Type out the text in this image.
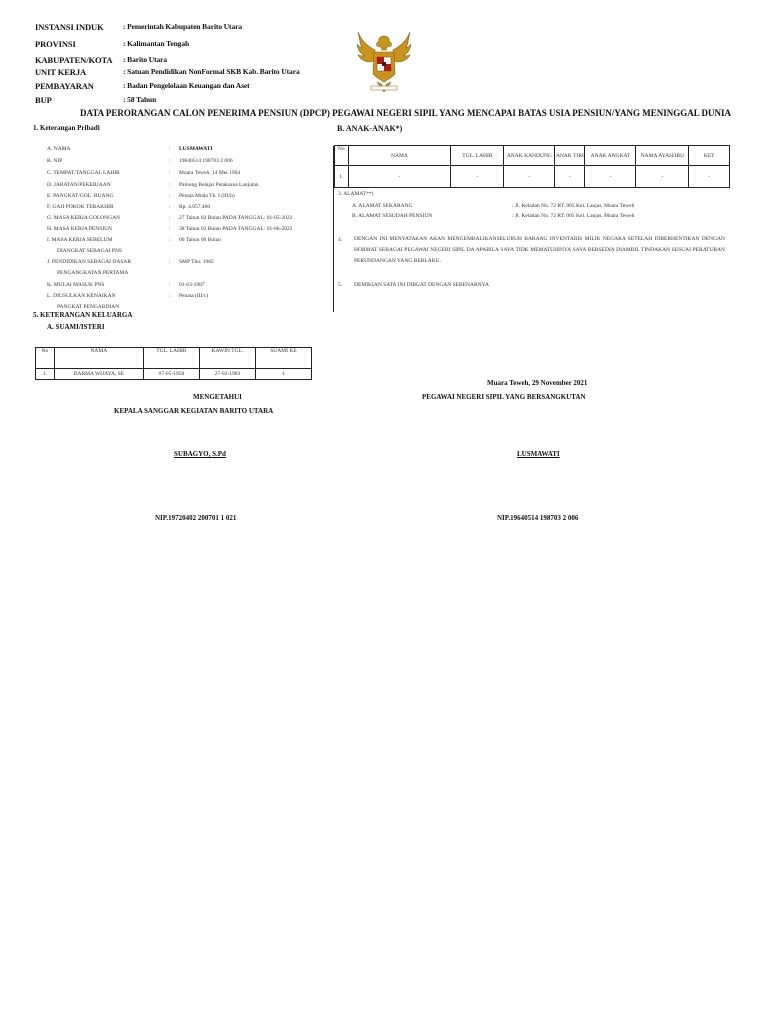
INSTANSI INDUK	: Pemerintah Kabupaten Barito Utara
PROVINSI	: Kalimantan Tengah
KABUPATEN/KOTA	: Barito Utara
UNIT KERJA	: Satuan Pendidikan NonFormal SKB Kab. Barito Utara
PEMBAYARAN	: Badan Pengelolaan Keuangan dan Aset
BUP	: 58 Tahun
DATA PERORANGAN CALON PENERIMA PENSIUN (DPCP) PEGAWAI NEGERI SIPIL YANG MENCAPAI BATAS USIA PENSIUN/YANG MENINGGAL DUNIA
1. Keterangan Pribadi	B. ANAK-ANAK*)
A. NAMA	: LUSMAWATI
B. NIP	: 19640514 198703 2 006
C. TEMPAT/TANGGAL LAHIR	: Muara Teweh, 14 Mei 1964
D. JABATAN/PEKERJAAN	: Pamong Belajar Pelaksana Lanjutan
E. PANGKAT/GOL. RUANG	: Penata Muda Tk. I (III/b)
F. GAJI POKOK TERAKHIR	: Rp. 4.057.400
G. MASA KERJA GOLONGAN	: 27 Tahun 02 Bulan PADA TANGGAL: 01-05-2022
H. MASA KERJA PENSIUN	: 38 Tahun 03 Bulan PADA TANGGAL: 01-06-2022
I. MASA KERJA SEBELUM	: 00 Tahun 00 Bulan
DIANGKAT SEBAGAI PNS
J. PENDIDIKAN SEBAGAI DASAR	: SMP Thn. 1982
PENGANGKATAN PERTAMA
K. MULAI MASUK PNS	: 01-03-1987
L. DIUSULKAN KENAIKAN	: Penata (III/c)
PANGKAT PENGABDIAN
No	NAMA	TGL. LAHIR	ANAK KANDUNG	ANAK TIRI	ANAK ANGKAT	NAMA AYAH/IBU	KET
1.	-	-	-	-	-	-	-
3. ALAMAT**)
A. ALAMAT SEKARANG	: Jl. Keladan No. 72 RT. 005 Kel. Lanjas, Muara Teweh
B. ALAMAT SESUDAH PENSIUN	: Jl. Keladan No. 72 RT. 005 Kel. Lanjas, Muara Teweh
4. DENGAN INI MENYATAKAN AKAN MENGEMBALIKANSELURUH BARANG INVENTARIS MILIK NEGARA SETELAH DIBERHENTIKAN DENGAN HORMAT SEBAGAI PEGAWAI NEGERI SIPIL DA APABILA SAYA TIDK MEMATUHINYA SAYA BERSEDIA DIAMBIL TINDAKAN SESUAI PERATURAN PERUNDANGAN YANG BERLAKU.
5. DEMIKIAN SATA INI DIBUAT DENGAN SEBENARNYA
5. KETERANGAN KELUARGA
A. SUAMI/ISTERI
No	NAMA	TGL. LAHIR	KAWIN TGL.	SUAMI KE
1.	DARMA WIJAYA, SE	07-05-1958	27-02-1983	1
Muara Teweh, 29 November 2021
PEGAWAI NEGERI SIPIL YANG BERSANGKUTAN
MENGETAHUI
KEPALA SANGGAR KEGIATAN BARITO UTARA
SUBAGYO, S.Pd	LUSMAWATI
NIP.19720402 200701 1 021	NIP.19640514 198703 2 006
